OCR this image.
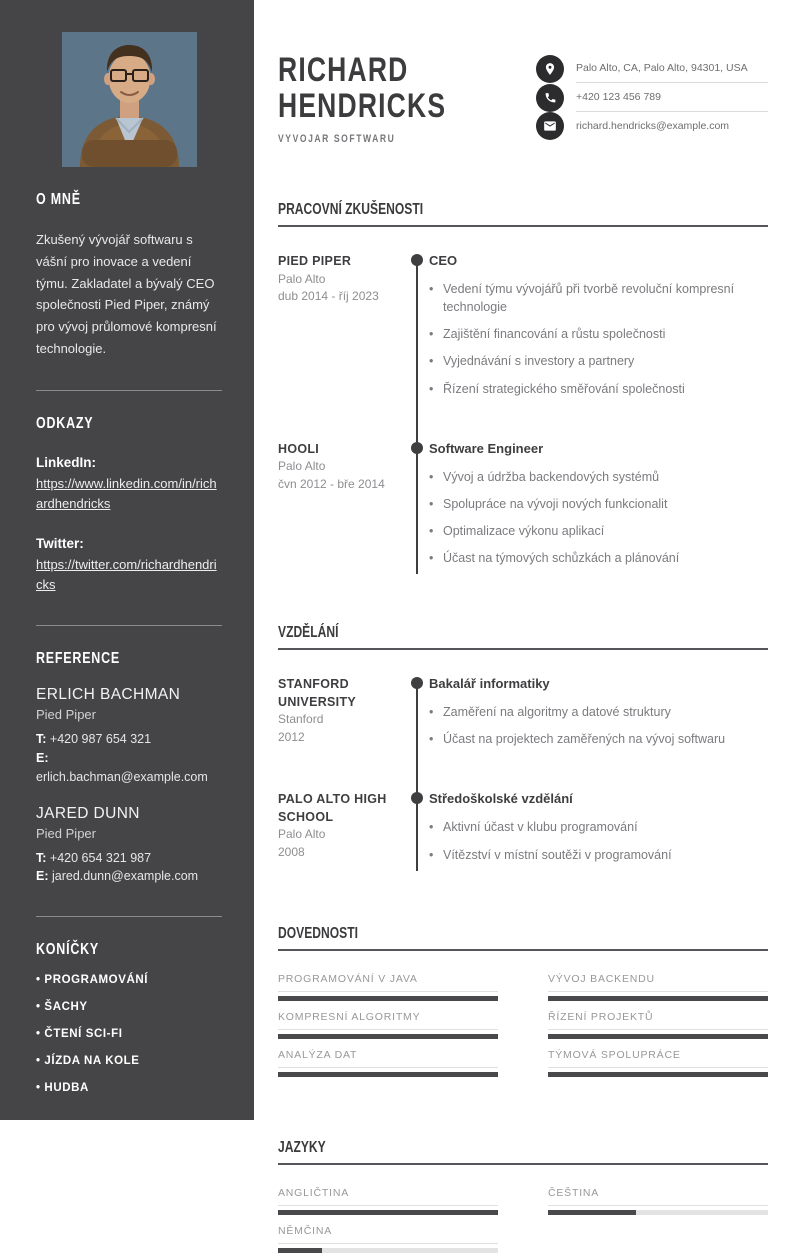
O MNĚ

Zkušený vývojář softwaru s vášní pro inovace a vedení týmu. Zakladatel a bývalý CEO společnosti Pied Piper, známý pro vývoj průlomové kompresní technologie.

ODKAZY
LinkedIn:
https://www.linkedin.com/in/richardhendricks
Twitter:
https://twitter.com/richardhendricks
REFERENCE
ERLICH BACHMAN
Pied Piper
T: +420 987 654 321
E: erlich.bachman@example.com
JARED DUNN
Pied Piper
T: +420 654 321 987
E: jared.dunn@example.com
KONÍČKY
• PROGRAMOVÁNÍ
• ŠACHY
• ČTENÍ SCI-FI
• JÍZDA NA KOLE
• HUDBA
RICHARD
HENDRICKS
VYVOJAR SOFTWARU
Palo Alto, CA, Palo Alto, 94301, USA
+420 123 456 789
richard.hendricks@example.com
PRACOVNÍ ZKUŠENOSTI
PIED PIPER
Palo Alto
dub 2014 - říj 2023
CEO
• Vedení týmu vývojářů při tvorbě revoluční kompresní technologie
• Zajištění financování a růstu společnosti
• Vyjednávání s investory a partnery
• Řízení strategického směřování společnosti
HOOLI
Palo Alto
čvn 2012 - bře 2014
Software Engineer
• Vývoj a údržba backendových systémů
• Spolupráce na vývoji nových funkcionalit
• Optimalizace výkonu aplikací
• Účast na týmových schůzkách a plánování
VZDĚLÁNÍ
STANFORD UNIVERSITY
Stanford
2012
Bakalář informatiky
• Zaměření na algoritmy a datové struktury
• Účast na projektech zaměřených na vývoj softwaru
PALO ALTO HIGH SCHOOL
Palo Alto
2008
Středoškolské vzdělání
• Aktivní účast v klubu programování
• Vítězství v místní soutěži v programování
DOVEDNOSTI
PROGRAMOVÁNÍ V JAVA	VÝVOJ BACKENDU
KOMPRESNÍ ALGORITMY	ŘÍZENÍ PROJEKTŮ
ANALÝZA DAT	TÝMOVÁ SPOLUPRÁCE
JAZYKY
ANGLIČTINA	ČEŠTINA
NĚMČINA
